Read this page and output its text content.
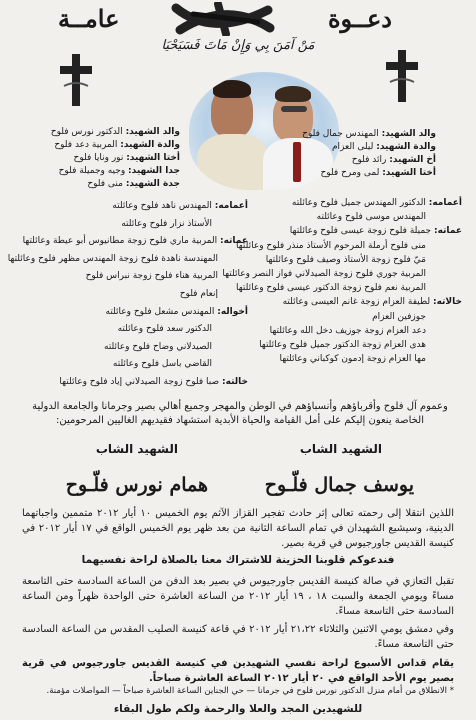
دعــوة
عامــة
مَنْ آمَنَ بِي وَإِنْ مَاتَ فَسَيَحْيَا
والد الشهيد: المهندس جمال فلوح
والدة الشهيد: ليلى العزام
أخ الشهيد: رائد فلوح
أختا الشهيد: لمى ومرح فلوح
والد الشهيد: الدكتور نورس فلوح
والدة الشهيد: المربية دعد فلوح
أختا الشهيد: نور ونايا فلوح
جدا الشهيد: وجيه وجميلة فلوح
جدة الشهيد: منى فلوح
أعمامه: الدكتور المهندس جميل فلوح وعائلته
المهندس موسى فلوح وعائلته
عماته: جميلة فلوح زوجة عيسى فلوح وعائلتها
منى فلوح أرملة المرحوم الأستاذ منذر فلوح وعائلتها
مَيّ فلوح زوجة الأستاذ وصيف فلوح وعائلتها
المربية جوري فلوح زوجة الصيدلاني فواز النصر وعائلتها
المربية نعم فلوح زوجة الدكتور عيسى فلوح وعائلتها
خالاته: لطيفة العزام زوجة غانم العيسى وعائلته
جوزفين العزام
دعد العزام زوجة جوزيف دخل الله وعائلتها
هدى العزام زوجة الدكتور جميل فلوح وعائلتها
مها العزام زوجة إدمون كوكباني وعائلتها
أعمامه: المهندس ناهد فلوح وعائلته
الأستاذ نزار فلوح وعائلته
عماته: المربية ماري فلوح زوجة مطانيوس أبو عيطة وعائلتها
المهندسة ناهدة فلوح زوجة المهندس مظهر فلوح وعائلتها
المربية هناء فلوح زوجة نبراس فلوح
إنعام فلوح
أخواله: المهندس مشعل فلوح وعائلته
الدكتور سعد فلوح وعائلته
الصيدلاني وضاح فلوح وعائلته
القاضي باسل فلوح وعائلته
خالته: صبا فلوح زوجة الصيدلاني إياد فلوح وعائلتها
وعموم آل فلوح وأقرباؤهم وأنسباؤهم في الوطن والمهجر وجميع أهالي بصير وجرمانا والجامعة الدولية الخاصة ينعون إليكم على أمل القيامة والحياة الأبدية استشهاد فقيديهم الغاليين المرحومين:
الشهيد الشاب
الشهيد الشاب
يوسف جمال فلّـوح
همام نورس فلّـوح
اللذين انتقلا إلى رحمته تعالى إثر حادث تفجير القزاز الآثم يوم الخميس ١٠ أيار ٢٠١٢ متممين واجباتهما الدينية، وسيشيع الشهيدان في تمام الساعة الثانية من بعد ظهر يوم الخميس الواقع في ١٧ أيار ٢٠١٢ في كنيسة القديس جاورجيوس في قرية بصير.
فندعوكم قلوبنا الحزينة للاشتراك معنا بالصلاة لراحة نفسيهما
تقبل التعازي في صالة كنيسة القديس جاورجيوس في بصير بعد الدفن من الساعة السادسة حتى التاسعة مساءً ويومي الجمعة والسبت ١٨ ، ١٩ أيار ٢٠١٢ من الساعة العاشرة حتى الواحدة ظهراً ومن الساعة السادسة حتى التاسعة مساءً.
وفي دمشق يومي الاثنين والثلاثاء ٢١،٢٢ أيار ٢٠١٢ في قاعة كنيسة الصليب المقدس من الساعة السادسة حتى التاسعة مساءً.
يقام قداس الأسبوع لراحة نفسي الشهيدين في كنيسة القديس جاورجيوس في قرية بصير يوم الأحد الواقع في ٢٠ أيار ٢٠١٢ الساعة العاشرة صباحاً.
* الانطلاق من أمام منزل الدكتور نورس فلوح في جرمانا — حي الجناين الساعة العاشرة صباحاً — المواصلات مؤمنة.
للشهيدين المجد والعلا والرحمة ولكم طول البقاء
